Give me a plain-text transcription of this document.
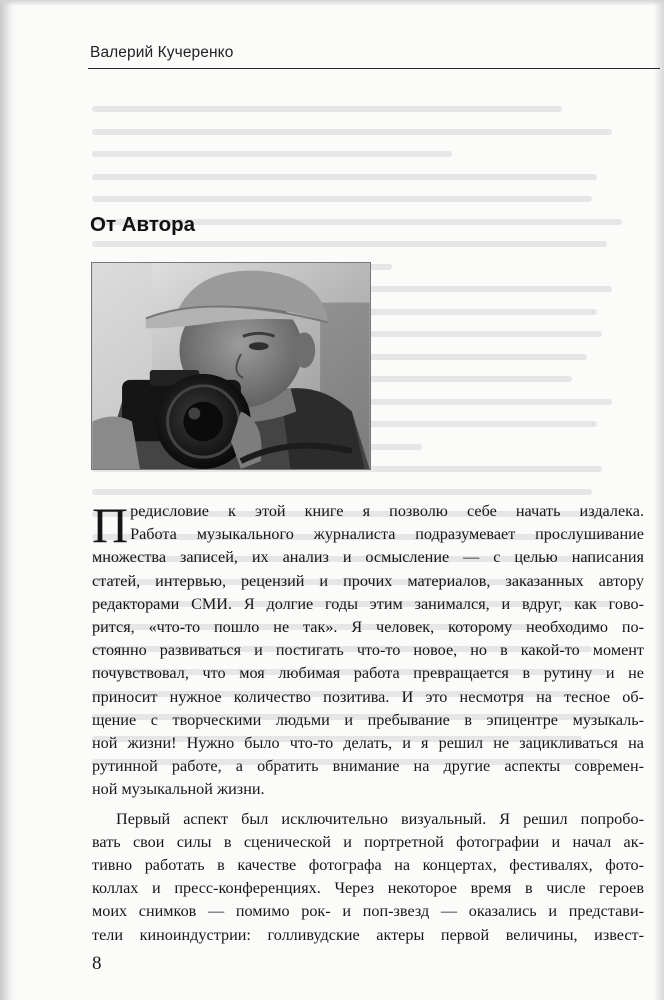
Валерий Кучеренко
От Автора

П редисловие к этой книге я позволю себе начать издалека.
Работа музыкального журналиста подразумевает прослушивание
множества записей, их анализ и осмысление — с целью написания
статей, интервью, рецензий и прочих материалов, заказанных автору
редакторами СМИ. Я долгие годы этим занимался, и вдруг, как гово-
рится, «что-то пошло не так». Я человек, которому необходимо по-
стоянно развиваться и постигать что-то новое, но в какой-то момент
почувствовал, что моя любимая работа превращается в рутину и не
приносит нужное количество позитива. И это несмотря на тесное об-
щение с творческими людьми и пребывание в эпицентре музыкаль-
ной жизни! Нужно было что-то делать, и я решил не зацикливаться на
рутинной работе, а обратить внимание на другие аспекты современ-
ной музыкальной жизни.

Первый аспект был исключительно визуальный. Я решил попробо-
вать свои силы в сценической и портретной фотографии и начал ак-
тивно работать в качестве фотографа на концертах, фестивалях, фото-
коллах и пресс-конференциях. Через некоторое время в числе героев
моих снимков — помимо рок- и поп-звезд — оказались и представи-
тели киноиндустрии: голливудские актеры первой величины, извест-

8
